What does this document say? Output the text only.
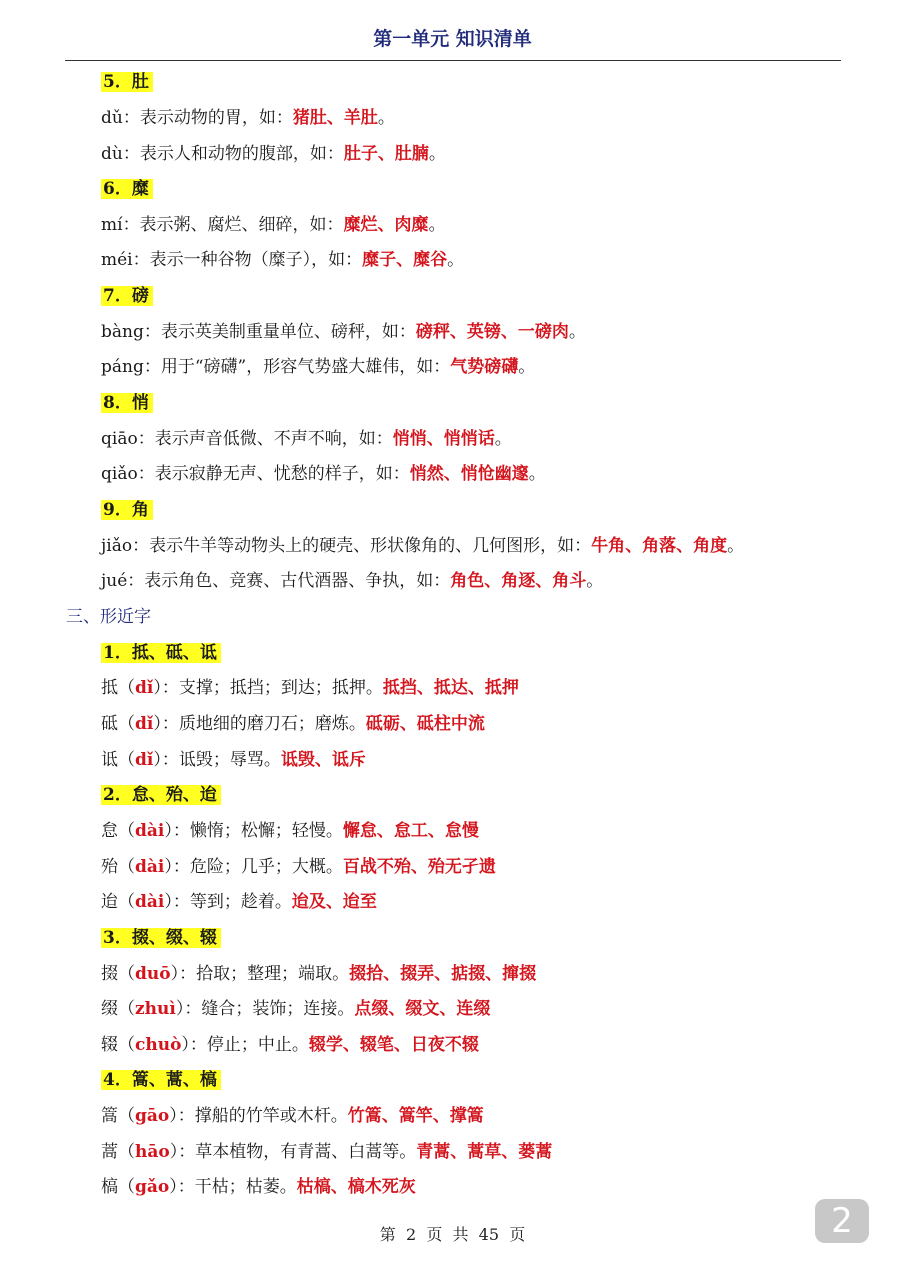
第一单元 知识清单
5．肚
dǔ：表示动物的胃，如：猪肚、羊肚。
dù：表示人和动物的腹部，如：肚子、肚腩。
6．糜
mí：表示粥、腐烂、细碎，如：糜烂、肉糜。
méi：表示一种谷物（糜子），如：糜子、糜谷。
7．磅
bàng：表示英美制重量单位、磅秤，如：磅秤、英镑、一磅肉。
páng：用于“磅礴”，形容气势盛大雄伟，如：气势磅礴。
8．悄
qiāo：表示声音低微、不声不响，如：悄悄、悄悄话。
qiǎo：表示寂静无声、忧愁的样子，如：悄然、悄怆幽邃。
9．角
jiǎo：表示牛羊等动物头上的硬壳、形状像角的、几何图形，如：牛角、角落、角度。
jué：表示角色、竞赛、古代酒器、争执，如：角色、角逐、角斗。
三、形近字
1．抵、砥、诋
抵（dǐ）：支撑；抵挡；到达；抵押。抵挡、抵达、抵押
砥（dǐ）：质地细的磨刀石；磨炼。砥砺、砥柱中流
诋（dǐ）：诋毁；辱骂。诋毁、诋斥
2．怠、殆、迨
怠（dài）：懒惰；松懈；轻慢。懈怠、怠工、怠慢
殆（dài）：危险；几乎；大概。百战不殆、殆无孑遗
迨（dài）：等到；趁着。迨及、迨至
3．掇、缀、辍
掇（duō）：拾取；整理；端取。掇拾、掇弄、掂掇、撺掇
缀（zhuì）：缝合；装饰；连接。点缀、缀文、连缀
辍（chuò）：停止；中止。辍学、辍笔、日夜不辍
4．篙、蒿、槁
篙（gāo）：撑船的竹竿或木杆。竹篙、篙竿、撑篙
蒿（hāo）：草本植物，有青蒿、白蒿等。青蒿、蒿草、蒌蒿
槁（gǎo）：干枯；枯萎。枯槁、槁木死灰
第  2  页  共  45  页	2
